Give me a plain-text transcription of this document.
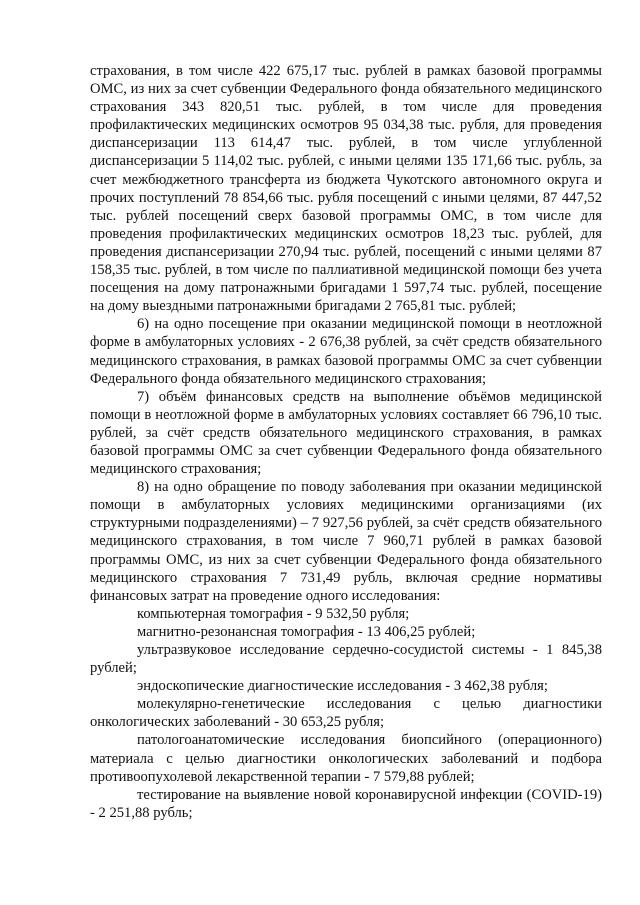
страхования, в том числе 422 675,17 тыс. рублей в рамках базовой программы ОМС, из них за счет субвенции Федерального фонда обязательного медицинского страхования 343 820,51 тыс. рублей, в том числе для проведения профилактических медицинских осмотров 95 034,38 тыс. рубля, для проведения диспансеризации 113 614,47 тыс. рублей, в том числе углубленной диспансеризации 5 114,02 тыс. рублей, с иными целями 135 171,66 тыс. рубль, за счет межбюджетного трансферта из бюджета Чукотского автономного округа и прочих поступлений 78 854,66 тыс. рубля посещений с иными целями, 87 447,52 тыс. рублей посещений сверх базовой программы ОМС, в том числе для проведения профилактических медицинских осмотров 18,23 тыс. рублей, для проведения диспансеризации 270,94 тыс. рублей, посещений с иными целями 87 158,35 тыс. рублей, в том числе по паллиативной медицинской помощи без учета посещения на дому патронажными бригадами 1 597,74 тыс. рублей, посещение на дому выездными патронажными бригадами 2 765,81 тыс. рублей;

6) на одно посещение при оказании медицинской помощи в неотложной форме в амбулаторных условиях - 2 676,38 рублей, за счёт средств обязательного медицинского страхования, в рамках базовой программы ОМС за счет субвенции Федерального фонда обязательного медицинского страхования;

7) объём финансовых средств на выполнение объёмов медицинской помощи в неотложной форме в амбулаторных условиях составляет 66 796,10 тыс. рублей, за счёт средств обязательного медицинского страхования, в рамках базовой программы ОМС за счет субвенции Федерального фонда обязательного медицинского страхования;

8) на одно обращение по поводу заболевания при оказании медицинской помощи в амбулаторных условиях медицинскими организациями (их структурными подразделениями) – 7 927,56 рублей, за счёт средств обязательного медицинского страхования, в том числе 7 960,71 рублей в рамках базовой программы ОМС, из них за счет субвенции Федерального фонда обязательного медицинского страхования 7 731,49 рубль, включая средние нормативы финансовых затрат на проведение одного исследования:

компьютерная томография - 9 532,50 рубля;

магнитно-резонансная томография - 13 406,25 рублей;

ультразвуковое исследование сердечно-сосудистой системы - 1 845,38 рублей;

эндоскопические диагностические исследования - 3 462,38 рубля;

молекулярно-генетические исследования с целью диагностики онкологических заболеваний - 30 653,25 рубля;

патологоанатомические исследования биопсийного (операционного) материала с целью диагностики онкологических заболеваний и подбора противоопухолевой лекарственной терапии - 7 579,88 рублей;

тестирование на выявление новой коронавирусной инфекции (COVID-19) - 2 251,88 рубль;
